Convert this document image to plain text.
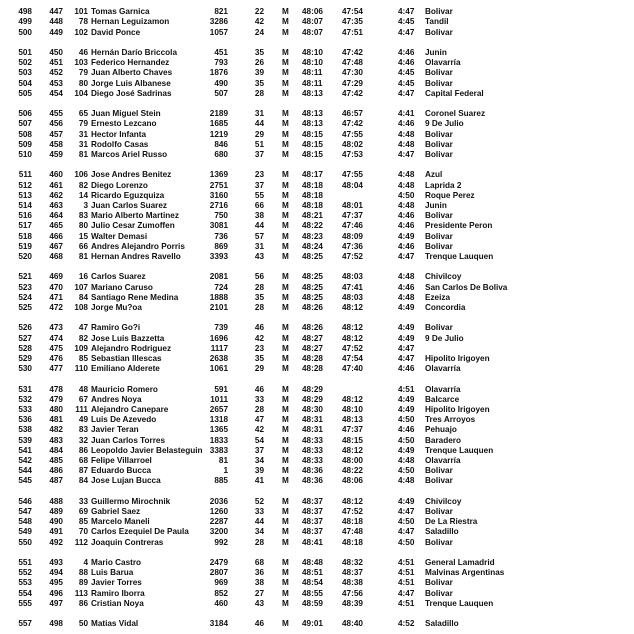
498	447	101 Tomas Garnica	821	22 M	48:06	47:54	4:47	Bolivar
499	448	78 Hernan Leguizamon	3286	42 M	48:07	47:35	4:45	Tandil
500	449	102 David Ponce	1057	24 M	48:07	47:51	4:47	Bolivar
501	450	46 Hernán Darío Briccola	451	35 M	48:10	47:42	4:46	Junin
502	451	103 Federico Hernandez	793	26 M	48:10	47:48	4:46	Olavarría
503	452	79 Juan Alberto Chaves	1876	39 M	48:11	47:30	4:45	Bolivar
504	453	80 Jorge Luis Albanese	490	35 M	48:11	47:29	4:45	Bolivar
505	454	104 Diego José Sadrinas	507	28 M	48:13	47:42	4:47	Capital Federal
506	455	65 Juan Miguel Stein	2189	31 M	48:13	46:57	4:41	Coronel Suarez
507	456	79 Ernesto Lezcano	1685	44 M	48:13	47:42	4:46	9 De Julio
508	457	31 Hector Infanta	1219	29 M	48:15	47:55	4:48	Bolivar
509	458	31 Rodolfo Casas	846	51 M	48:15	48:02	4:48	Bolivar
510	459	81 Marcos Ariel Russo	680	37 M	48:15	47:53	4:47	Bolivar
511	460	106 Jose Andres Benitez	1369	23 M	48:17	47:55	4:48	Azul
512	461	82 Diego Lorenzo	2751	37 M	48:18	48:04	4:48	Laprida 2
513	462	14 Ricardo Eguzquiza	3160	55 M	48:18	4:50	Roque Perez
514	463	3 Juan Carlos Suarez	2716	66 M	48:18	48:01	4:48	Junin
516	464	83 Mario Alberto Martinez	750	38 M	48:21	47:37	4:46	Bolivar
517	465	80 Julio Cesar Zumoffen	3081	44 M	48:22	47:46	4:46	Presidente Peron
518	466	15 Walter Demasi	736	57 M	48:23	48:09	4:49	Bolivar
519	467	66 Andres Alejandro Porris	869	31 M	48:24	47:36	4:46	Bolivar
520	468	81 Hernan Andres Ravello	3393	43 M	48:25	47:52	4:47	Trenque Lauquen
521	469	16 Carlos Suarez	2081	56 M	48:25	48:03	4:48	Chivilcoy
523	470	107 Mariano Caruso	724	28 M	48:25	47:41	4:46	San Carlos De Boliva
524	471	84 Santiago Rene Medina	1888	35 M	48:25	48:03	4:48	Ezeiza
525	472	108 Jorge Mu?oa	2101	28 M	48:26	48:12	4:49	Concordia
526	473	47 Ramiro Go?i	739	46 M	48:26	48:12	4:49	Bolivar
527	474	82 Jose Luis Bazzetta	1696	42 M	48:27	48:12	4:49	9 De Julio
528	475	109 Alejandro Rodriguez	1117	23 M	48:27	47:52	4:47
529	476	85 Sebastian Illescas	2638	35 M	48:28	47:54	4:47	Hipolito Irigoyen
530	477	110 Emiliano Alderete	1061	29 M	48:28	47:40	4:46	Olavarría
531	478	48 Mauricio Romero	591	46 M	48:29	4:51	Olavarría
532	479	67 Andres Noya	1011	33 M	48:29	48:12	4:49	Balcarce
533	480	111 Alejandro Canepare	2657	28 M	48:30	48:10	4:49	Hipolito Irigoyen
536	481	49 Luis De Azevedo	1318	47 M	48:31	48:13	4:50	Tres Arroyos
538	482	83 Javier Teran	1365	42 M	48:31	47:37	4:46	Pehuajo
539	483	32 Juan Carlos Torres	1833	54 M	48:33	48:15	4:50	Baradero
541	484	86 Leopoldo Javier Belasteguin 3383	37 M	48:33	48:12	4:49	Trenque Lauquen
542	485	68 Felipe Villarroel	81	34 M	48:33	48:00	4:48	Olavarría
544	486	87 Eduardo Bucca	1	39 M	48:36	48:22	4:50	Bolivar
545	487	84 Jose Lujan Bucca	885	41 M	48:36	48:06	4:48	Bolivar
546	488	33 Guillermo Mirochnik	2036	52 M	48:37	48:12	4:49	Chivilcoy
547	489	69 Gabriel Saez	1260	33 M	48:37	47:52	4:47	Bolivar
548	490	85 Marcelo Maneli	2287	44 M	48:37	48:18	4:50	De La Riestra
549	491	70 Carlos Ezequiel De Paula	3200	34 M	48:37	47:48	4:47	Saladillo
550	492	112 Joaquin Contreras	992	28 M	48:41	48:18	4:50	Bolivar
551	493	4 Mario Castro	2479	68 M	48:48	48:32	4:51	General Lamadrid
552	494	88 Luis Barua	2807	36 M	48:51	48:37	4:51	Malvinas Argentinas
553	495	89 Javier Torres	969	38 M	48:54	48:38	4:51	Bolivar
554	496	113 Ramiro Iborra	852	27 M	48:55	47:56	4:47	Bolivar
555	497	86 Cristian Noya	460	43 M	48:59	48:39	4:51	Trenque Lauquen
557	498	50 Matias Vidal	3184	46 M	49:01	48:40	4:52	Saladillo
